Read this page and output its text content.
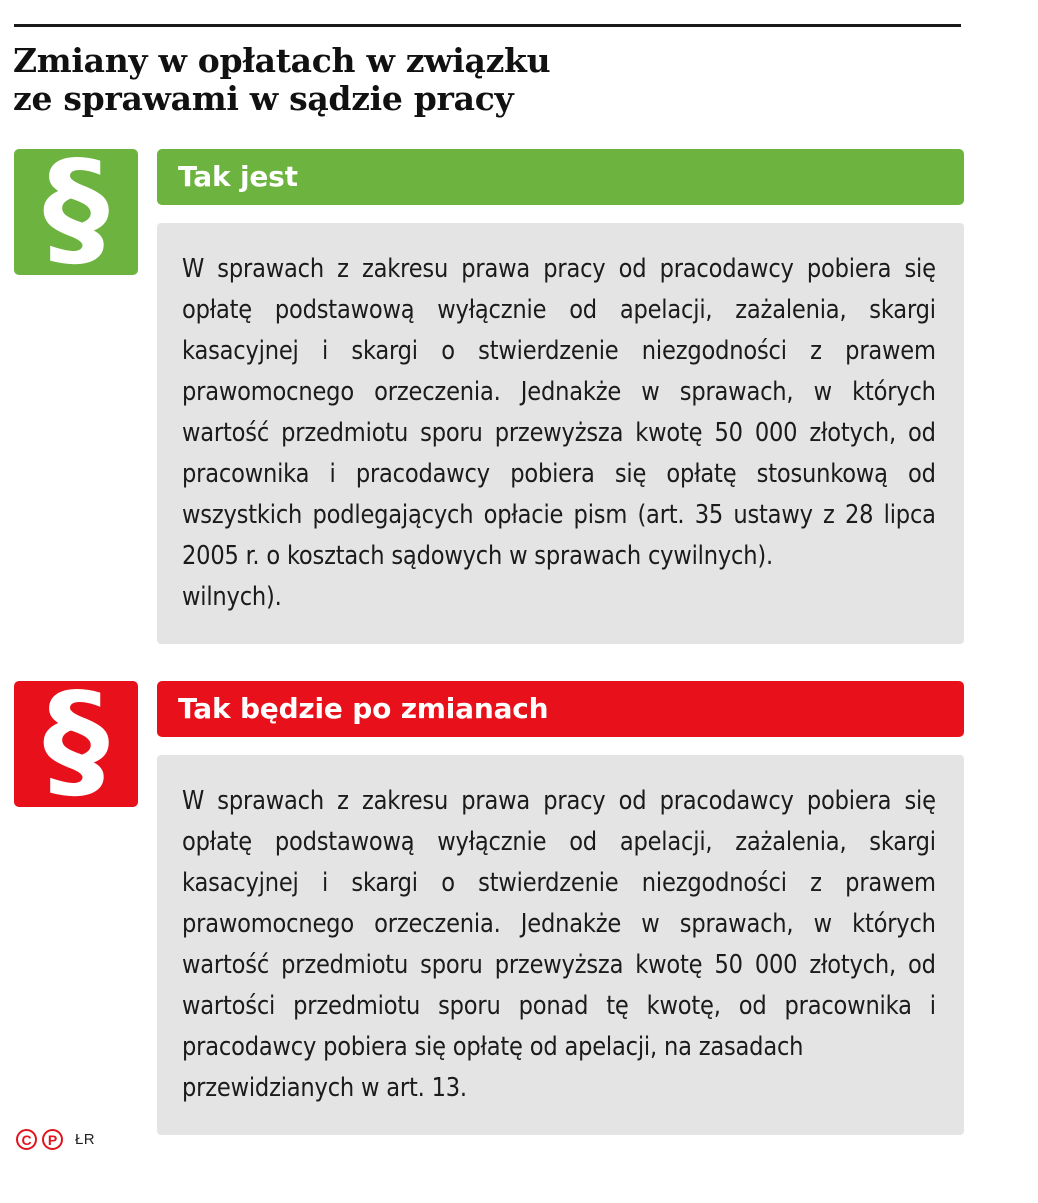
Zmiany w opłatach w związku
ze sprawami w sądzie pracy
§ Tak jest

W sprawach z zakresu prawa pracy od pracodawcy pobiera się opłatę podstawową wyłącznie od apelacji, zażalenia, skargi kasacyjnej i skargi o stwierdzenie niezgodności z prawem prawomocnego orzeczenia. Jednakże w sprawach, w których wartość przedmiotu sporu przewyższa kwotę 50 000 złotych, od pracownika i pracodawcy pobiera się opłatę stosunkową od wszystkich podlegających opłacie pism (art. 35 ustawy z 28 lipca 2005 r. o kosztach sądowych w sprawach cywilnych).

wilnych).

§ Tak będzie po zmianach

W sprawach z zakresu prawa pracy od pracodawcy pobiera się opłatę podstawową wyłącznie od apelacji, zażalenia, skargi kasacyjnej i skargi o stwierdzenie niezgodności z prawem prawomocnego orzeczenia. Jednakże w sprawach, w których wartość przedmiotu sporu przewyższa kwotę 50 000 złotych, od wartości przedmiotu sporu ponad tę kwotę, od pracownika i pracodawcy pobiera się opłatę od apelacji, na zasadach

przewidzianych w art. 13.

C	P	ŁR
